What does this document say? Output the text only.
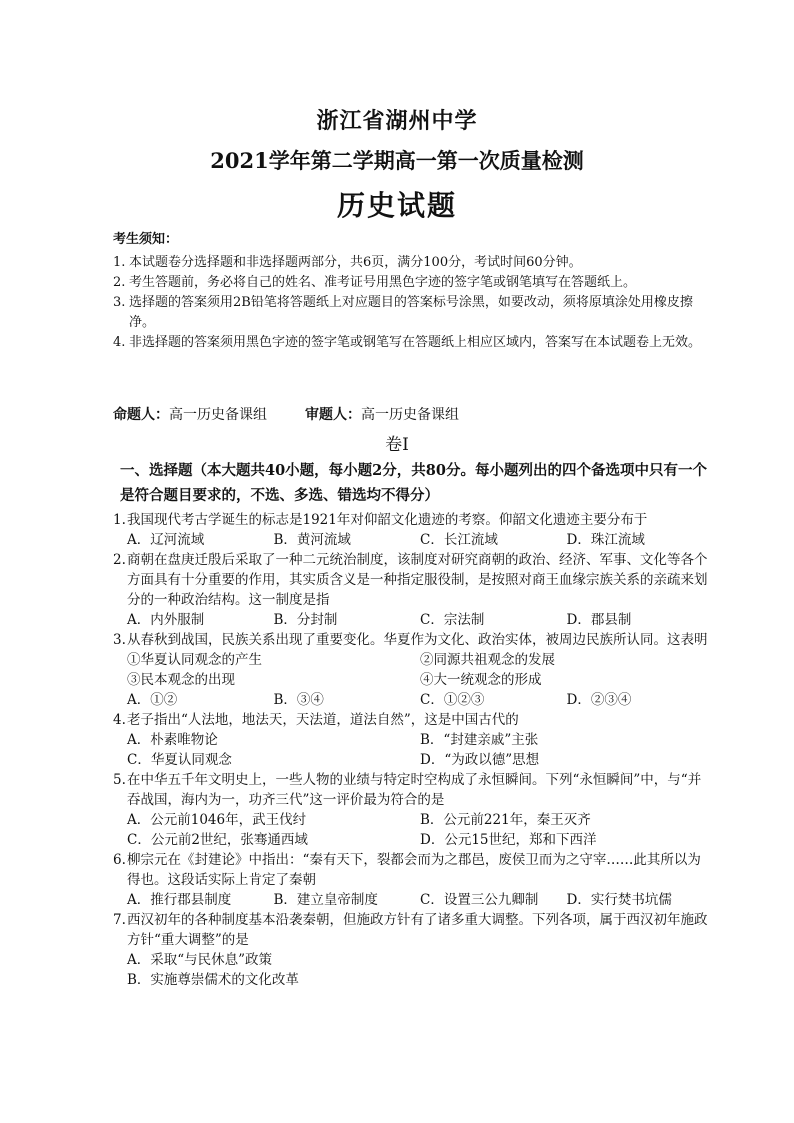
浙江省湖州中学
2021学年第二学期高一第一次质量检测
历史试题
考生须知：
1. 本试题卷分选择题和非选择题两部分，共6页，满分100分，考试时间60分钟。
2. 考生答题前，务必将自己的姓名、准考证号用黑色字迹的签字笔或钢笔填写在答题纸上。
3. 选择题的答案须用2B铅笔将答题纸上对应题目的答案标号涂黑，如要改动，须将原填涂处用橡皮擦净。
4. 非选择题的答案须用黑色字迹的签字笔或钢笔写在答题纸上相应区域内，答案写在本试题卷上无效。
命题人：高一历史备课组	审题人：高一历史备课组
卷Ⅰ
一、选择题（本大题共40小题，每小题2分，共80分。每小题列出的四个备选项中只有一个是符合题目要求的，不选、多选、错选均不得分）
1. 我国现代考古学诞生的标志是1921年对仰韶文化遗迹的考察。仰韶文化遗迹主要分布于
A．辽河流域	B．黄河流域	C．长江流域	D．珠江流域
2. 商朝在盘庚迁殷后采取了一种二元统治制度，该制度对研究商朝的政治、经济、军事、文化等各个方面具有十分重要的作用，其实质含义是一种指定服役制，是按照对商王血缘宗族关系的亲疏来划分的一种政治结构。这一制度是指
A．内外服制	B．分封制	C．宗法制	D．郡县制
3. 从春秋到战国，民族关系出现了重要变化。华夏作为文化、政治实体，被周边民族所认同。这表明
①华夏认同观念的产生	②同源共祖观念的发展
③民本观念的出现	④大一统观念的形成
A．①②	B．③④	C．①②③	D．②③④
4. 老子指出“人法地，地法天，天法道，道法自然”，这是中国古代的
A．朴素唯物论	B．“封建亲戚”主张
C．华夏认同观念	D．“为政以德”思想
5. 在中华五千年文明史上，一些人物的业绩与特定时空构成了永恒瞬间。下列“永恒瞬间”中，与“并吞战国，海内为一，功齐三代”这一评价最为符合的是
A．公元前1046年，武王伐纣	B．公元前221年，秦王灭齐
C．公元前2世纪，张骞通西域	D．公元15世纪，郑和下西洋
6. 柳宗元在《封建论》中指出：“秦有天下，裂都会而为之郡邑，废侯卫而为之守宰……此其所以为得也。这段话实际上肯定了秦朝
A．推行郡县制度	B．建立皇帝制度	C．设置三公九卿制	D．实行焚书坑儒
7. 西汉初年的各种制度基本沿袭秦朝，但施政方针有了诸多重大调整。下列各项，属于西汉初年施政方针“重大调整”的是
A．采取“与民休息”政策
B．实施尊崇儒术的文化改革
